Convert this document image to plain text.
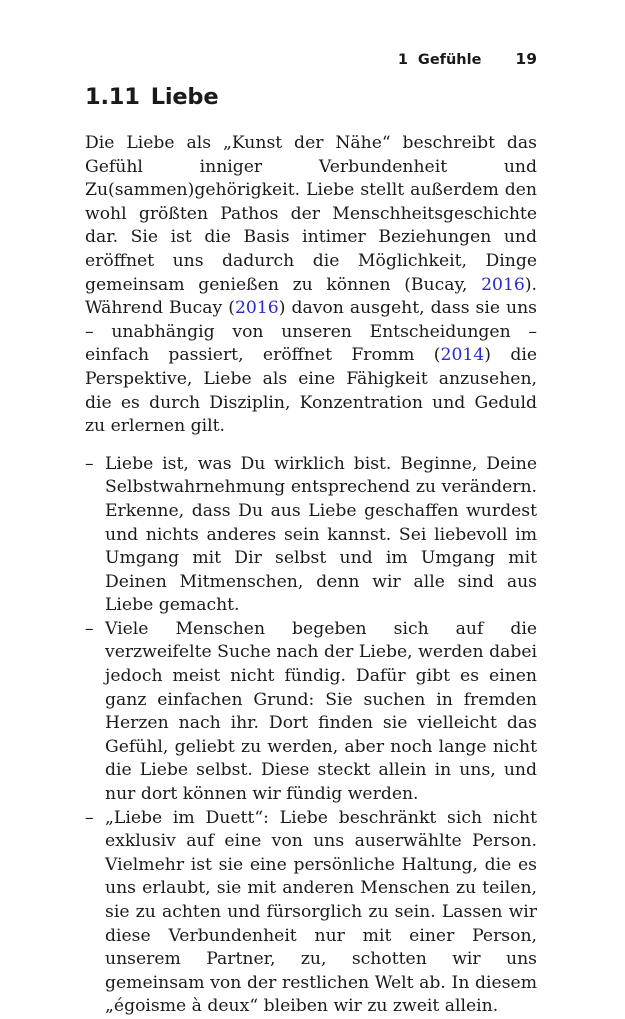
1 Gefühle 19
1.11 Liebe

Die Liebe als „Kunst der Nähe“ beschreibt das Gefühl inniger Verbundenheit und Zu(sammen)gehörigkeit. Liebe stellt außerdem den wohl größten Pathos der Menschheitsgeschichte dar. Sie ist die Basis intimer Beziehungen und eröffnet uns dadurch die Möglichkeit, Dinge gemeinsam genießen zu können (Bucay, 2016). Während Bucay (2016) davon ausgeht, dass sie uns – unabhängig von unseren Entscheidungen – einfach passiert, eröffnet Fromm (2014) die Perspektive, Liebe als eine Fähigkeit anzusehen, die es durch Disziplin, Konzentration und Geduld zu erlernen gilt.

– Liebe ist, was Du wirklich bist. Beginne, Deine Selbstwahrnehmung entsprechend zu verändern. Erkenne, dass Du aus Liebe geschaffen wurdest und nichts anderes sein kannst. Sei liebevoll im Umgang mit Dir selbst und im Umgang mit Deinen Mitmenschen, denn wir alle sind aus Liebe gemacht.
– Viele Menschen begeben sich auf die verzweifelte Suche nach der Liebe, werden dabei jedoch meist nicht fündig. Dafür gibt es einen ganz einfachen Grund: Sie suchen in fremden Herzen nach ihr. Dort finden sie vielleicht das Gefühl, geliebt zu werden, aber noch lange nicht die Liebe selbst. Diese steckt allein in uns, und nur dort können wir fündig werden.
– „Liebe im Duett“: Liebe beschränkt sich nicht exklusiv auf eine von uns auserwählte Person. Vielmehr ist sie eine persönliche Haltung, die es uns erlaubt, sie mit anderen Menschen zu teilen, sie zu achten und fürsorglich zu sein. Lassen wir diese Verbundenheit nur mit einer Person, unserem Partner, zu, schotten wir uns gemeinsam von der restlichen Welt ab. In diesem „égoisme à deux“ bleiben wir zu zweit allein.
